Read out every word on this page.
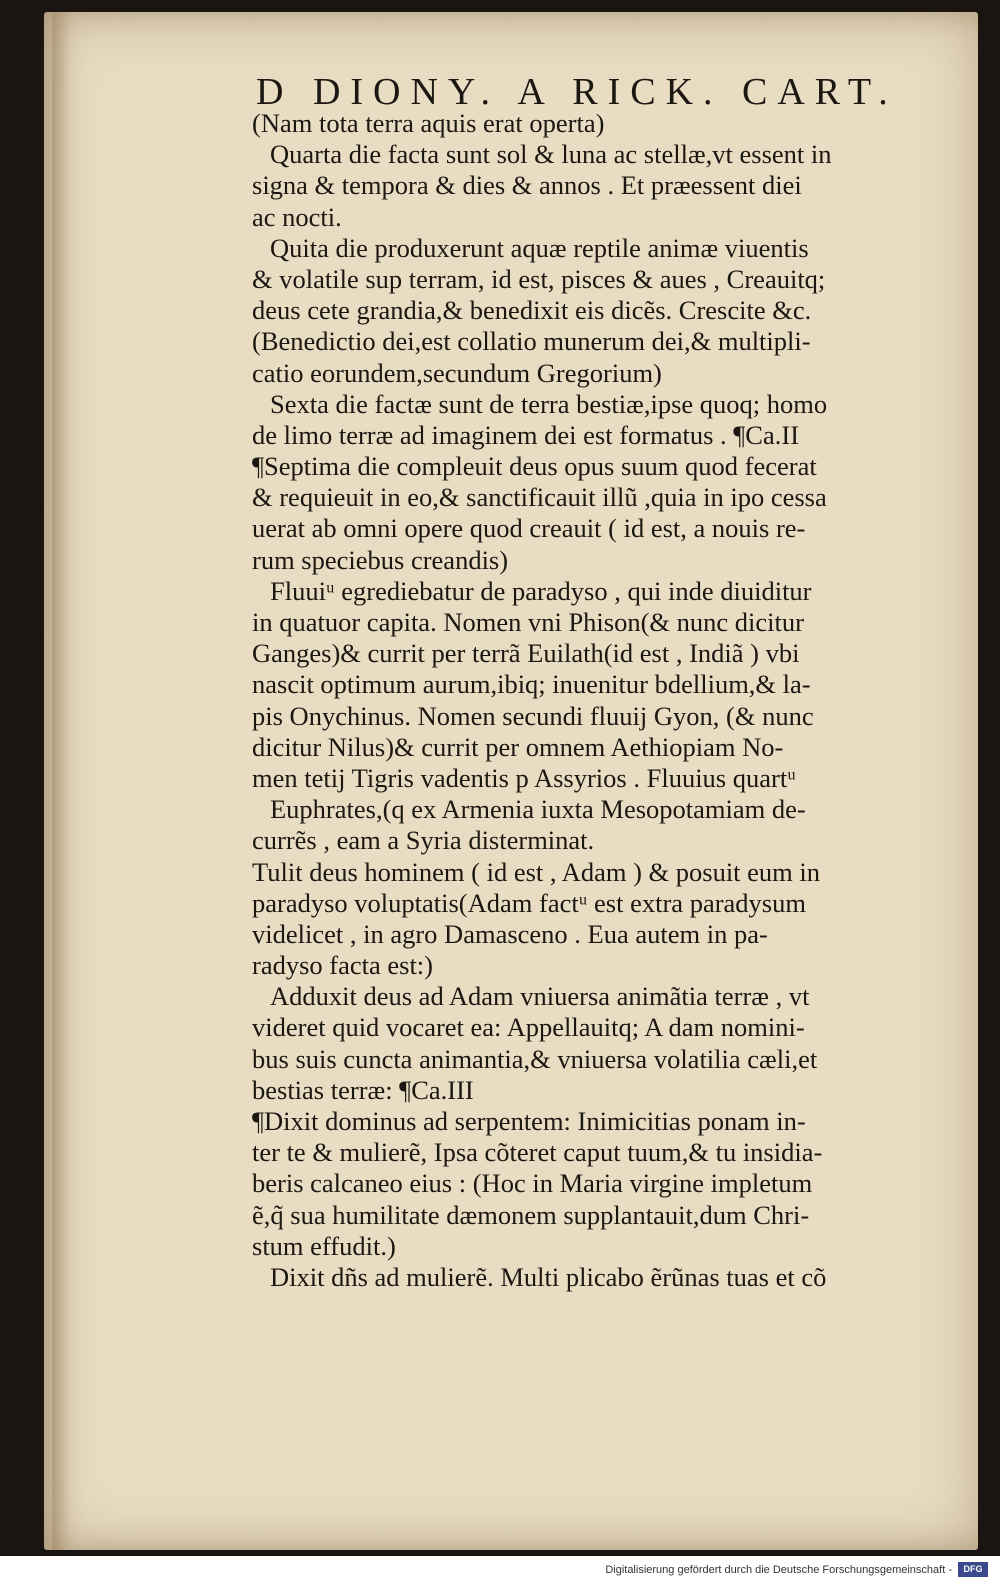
D DIONY. A RICK. CART.
(Nam tota terra aquis erat operta)
Quarta die facta sunt sol & luna ac stellæ,vt essent in
signa & tempora & dies & annos . Et præessent diei
ac nocti.
Quita die produxerunt aquæ reptile animæ viuentis
& volatile sup terram, id est, pisces & aues , Creauitq;
deus cete grandia,& benedixit eis dicẽs. Crescite &c.
(Benedictio dei,est collatio munerum dei,& multipli-
catio eorundem,secundum Gregorium)
Sexta die factæ sunt de terra bestiæ,ipse quoq; homo
de limo terræ ad imaginem dei est formatus . ¶Ca.II
¶Septima die compleuit deus opus suum quod fecerat
& requieuit in eo,& sanctificauit illũ ,quia in ipo cessa
uerat ab omni opere quod creauit ( id est, a nouis re-
rum speciebus creandis)
Fluuiᵘ egrediebatur de paradyso , qui inde diuiditur
in quatuor capita. Nomen vni Phison(& nunc dicitur
Ganges)& currit per terrã Euilath(id est , Indiã ) vbi
nascit optimum aurum,ibiq; inuenitur bdellium,& la-
pis Onychinus. Nomen secundi fluuij Gyon, (& nunc
dicitur Nilus)& currit per omnem Aethiopiam No-
men tetij Tigris vadentis p Assyrios . Fluuius quartᵘ
Euphrates,(q ex Armenia iuxta Mesopotamiam de-
currẽs , eam a Syria disterminat.
Tulit deus hominem ( id est , Adam ) & posuit eum in
paradyso voluptatis(Adam factᵘ est extra paradysum
videlicet , in agro Damasceno . Eua autem in pa-
radyso facta est:)
Adduxit deus ad Adam vniuersa animãtia terræ , vt
videret quid vocaret ea: Appellauitq; A dam nomini-
bus suis cuncta animantia,& vniuersa volatilia cæli,et
bestias terræ: ¶Ca.III
¶Dixit dominus ad serpentem: Inimicitias ponam in-
ter te & mulierẽ, Ipsa cõteret caput tuum,& tu insidia-
beris calcaneo eius : (Hoc in Maria virgine impletum
ẽ,q̃ sua humilitate dæmonem supplantauit,dum Chri-
stum effudit.)
Dixit dñs ad mulierẽ. Multi plicabo ẽrũnas tuas et cõ
Digitalisierung gefördert durch die Deutsche Forschungsgemeinschaft -	DFG
